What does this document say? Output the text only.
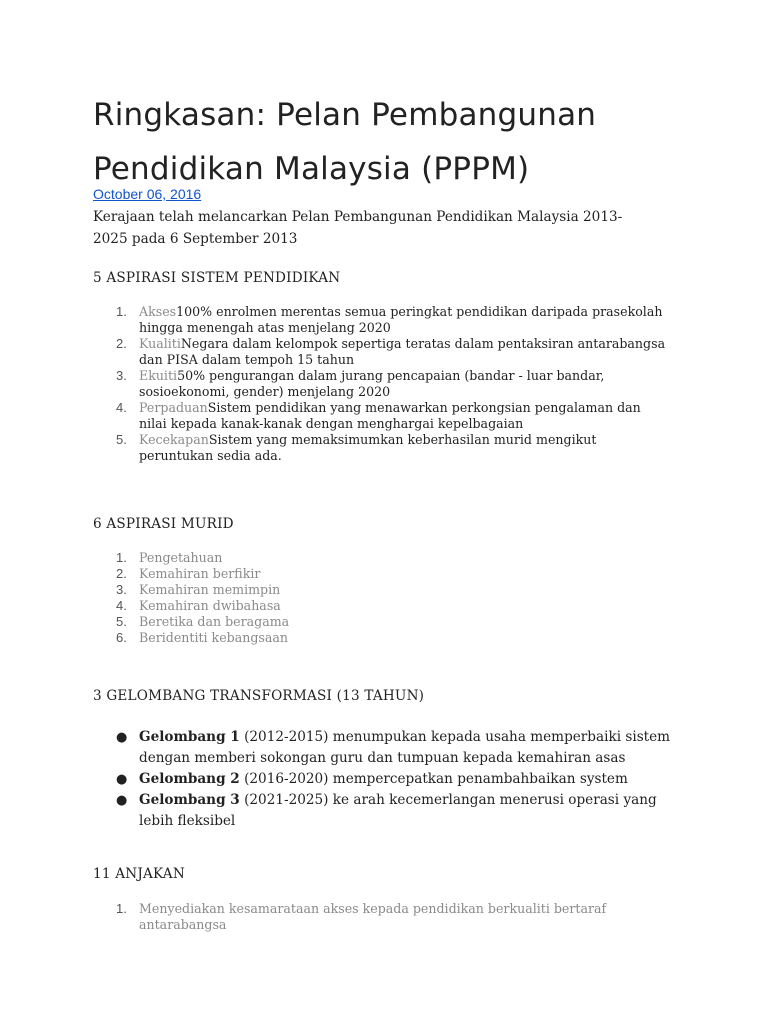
Ringkasan: Pelan Pembangunan
Pendidikan Malaysia (PPPM)
October 06, 2016

Kerajaan telah melancarkan Pelan Pembangunan Pendidikan Malaysia 2013-
2025 pada 6 September 2013

5 ASPIRASI SISTEM PENDIDIKAN
1. Akses100% enrolmen merentas semua peringkat pendidikan daripada prasekolah
hingga menengah atas menjelang 2020
2. KualitiNegara dalam kelompok sepertiga teratas dalam pentaksiran antarabangsa
dan PISA dalam tempoh 15 tahun
3. Ekuiti50% pengurangan dalam jurang pencapaian (bandar - luar bandar,
sosioekonomi, gender) menjelang 2020
4. PerpaduanSistem pendidikan yang menawarkan perkongsian pengalaman dan
nilai kepada kanak-kanak dengan menghargai kepelbagaian
5. KecekapanSistem yang memaksimumkan keberhasilan murid mengikut
peruntukan sedia ada.
6 ASPIRASI MURID
1. Pengetahuan
2. Kemahiran berfikir
3. Kemahiran memimpin
4. Kemahiran dwibahasa
5. Beretika dan beragama
6. Beridentiti kebangsaan
3 GELOMBANG TRANSFORMASI (13 TAHUN)
● Gelombang 1 (2012-2015) menumpukan kepada usaha memperbaiki sistem
dengan memberi sokongan guru dan tumpuan kepada kemahiran asas
● Gelombang 2 (2016-2020) mempercepatkan penambahbaikan system
● Gelombang 3 (2021-2025) ke arah kecemerlangan menerusi operasi yang
lebih fleksibel
11 ANJAKAN
1. Menyediakan kesamarataan akses kepada pendidikan berkualiti bertaraf
antarabangsa
